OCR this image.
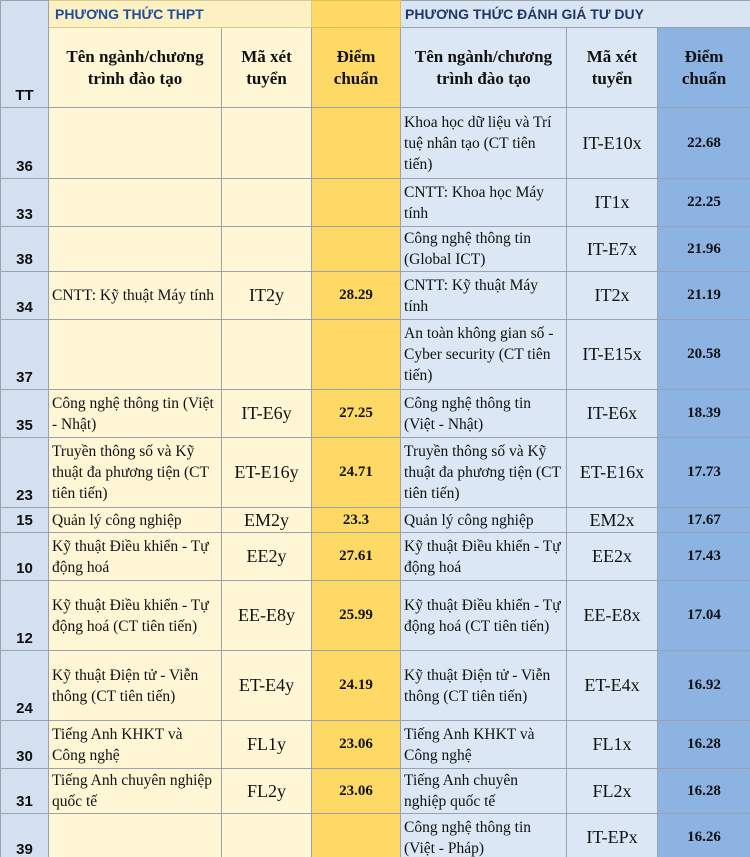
TT	PHƯƠNG THỨC THPT			PHƯƠNG THỨC ĐÁNH GIÁ TƯ DUY		
	Tên ngành/chương trình đào tạo	Mã xét tuyển	Điểm chuẩn	Tên ngành/chương trình đào tạo	Mã xét tuyển	Điểm chuẩn
36				Khoa học dữ liệu và Trí tuệ nhân tạo (CT tiên tiến)	IT-E10x	22.68
33				CNTT: Khoa học Máy tính	IT1x	22.25
38				Công nghệ thông tin (Global ICT)	IT-E7x	21.96
34	CNTT: Kỹ thuật Máy tính	IT2y	28.29	CNTT: Kỹ thuật Máy tính	IT2x	21.19
37				An toàn không gian số - Cyber security (CT tiên tiến)	IT-E15x	20.58
35	Công nghệ thông tin (Việt - Nhật)	IT-E6y	27.25	Công nghệ thông tin (Việt - Nhật)	IT-E6x	18.39
23	Truyền thông số và Kỹ thuật đa phương tiện (CT tiên tiến)	ET-E16y	24.71	Truyền thông số và Kỹ thuật đa phương tiện (CT tiên tiến)	ET-E16x	17.73
15	Quản lý công nghiệp	EM2y	23.3	Quản lý công nghiệp	EM2x	17.67
10	Kỹ thuật Điều khiển - Tự động hoá	EE2y	27.61	Kỹ thuật Điều khiển - Tự động hoá	EE2x	17.43
12	Kỹ thuật Điều khiển - Tự động hoá (CT tiên tiến)	EE-E8y	25.99	Kỹ thuật Điều khiển - Tự động hoá (CT tiên tiến)	EE-E8x	17.04
24	Kỹ thuật Điện tử - Viễn thông (CT tiên tiến)	ET-E4y	24.19	Kỹ thuật Điện tử - Viễn thông (CT tiên tiến)	ET-E4x	16.92
30	Tiếng Anh KHKT và Công nghệ	FL1y	23.06	Tiếng Anh KHKT và Công nghệ	FL1x	16.28
31	Tiếng Anh chuyên nghiệp quốc tế	FL2y	23.06	Tiếng Anh chuyên nghiệp quốc tế	FL2x	16.28
39				Công nghệ thông tin (Việt - Pháp)	IT-EPx	16.26
